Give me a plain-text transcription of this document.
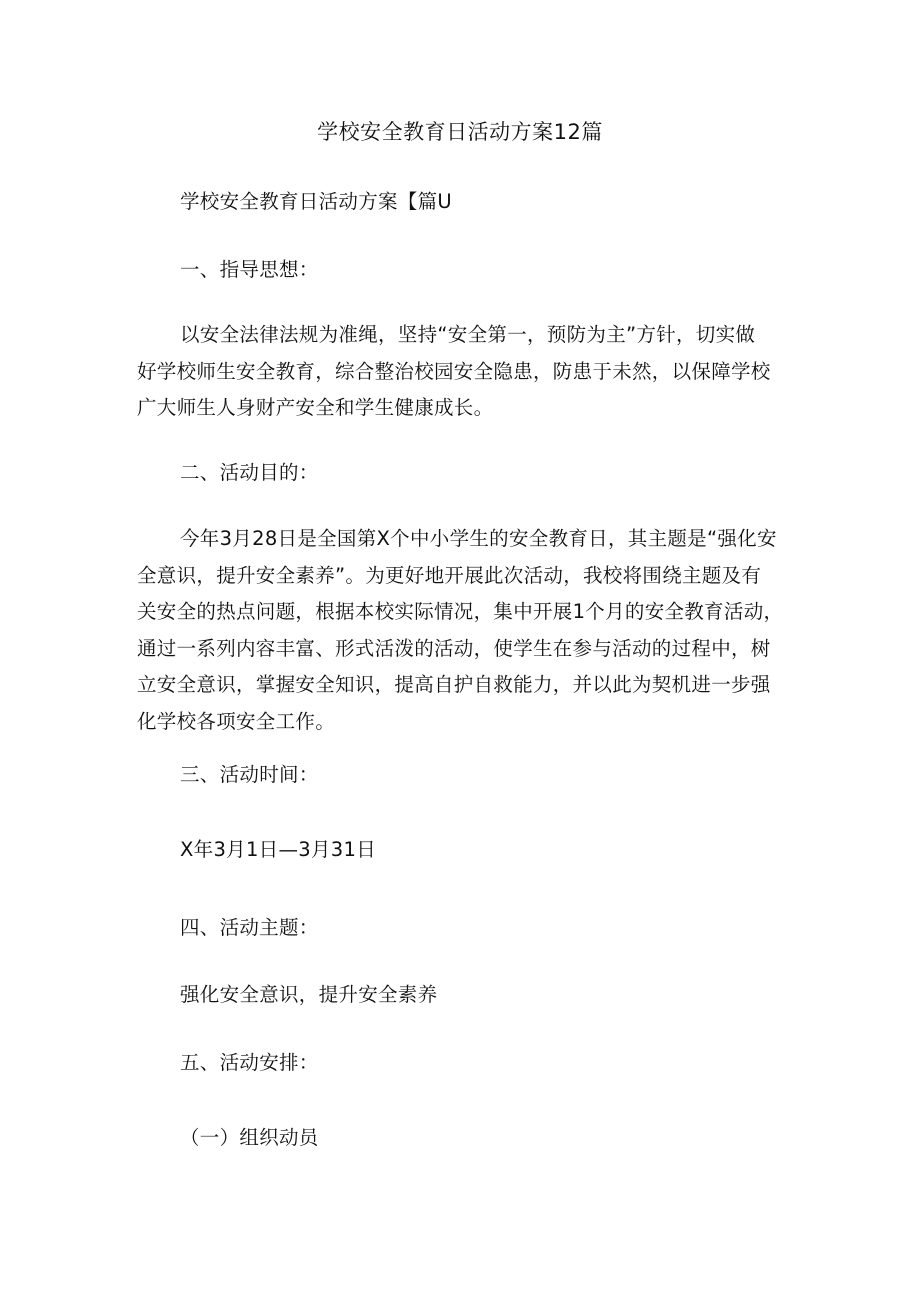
学校安全教育日活动方案12篇
学校安全教育日活动方案【篇U
一、指导思想：
以安全法律法规为准绳，坚持“安全第一，预防为主”方针，切实做
好学校师生安全教育，综合整治校园安全隐患，防患于未然，以保障学校
广大师生人身财产安全和学生健康成长。
二、活动目的：
今年3月28日是全国第X个中小学生的安全教育日，其主题是“强化安
全意识，提升安全素养”。为更好地开展此次活动，我校将围绕主题及有
关安全的热点问题，根据本校实际情况，集中开展1个月的安全教育活动，
通过一系列内容丰富、形式活泼的活动，使学生在参与活动的过程中，树
立安全意识，掌握安全知识，提高自护自救能力，并以此为契机进一步强
化学校各项安全工作。
三、活动时间：
X年3月1日—3月31日
四、活动主题：
强化安全意识，提升安全素养
五、活动安排：
（一）组织动员
